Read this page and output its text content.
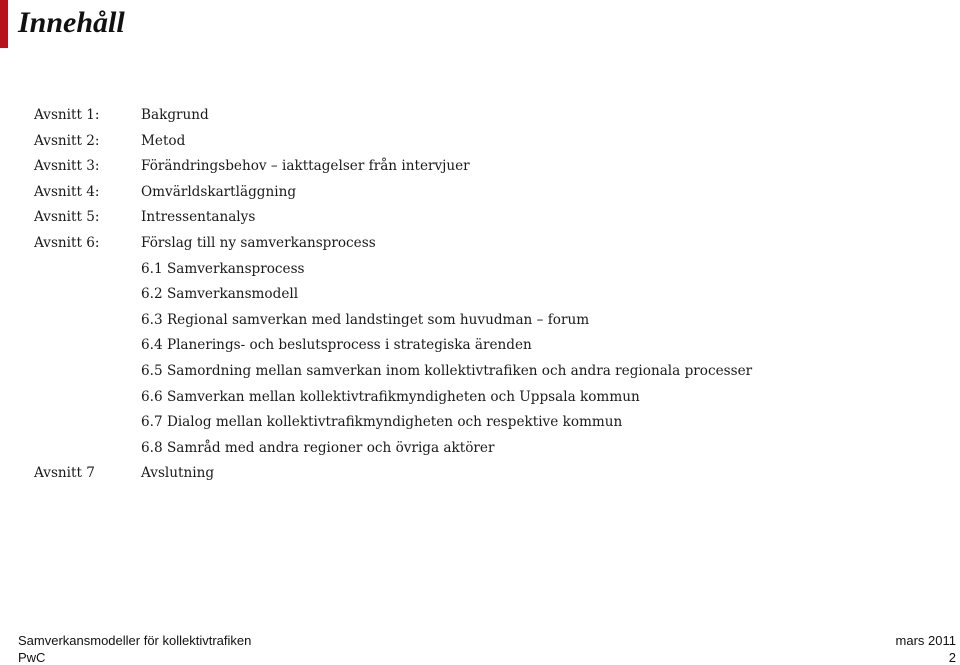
Innehåll
Avsnitt 1:	Bakgrund
Avsnitt 2:	Metod
Avsnitt 3:	Förändringsbehov – iakttagelser från intervjuer
Avsnitt 4:	Omvärldskartläggning
Avsnitt 5:	Intressentanalys
Avsnitt 6:	Förslag till ny samverkansprocess
6.1 Samverkansprocess
6.2 Samverkansmodell
6.3 Regional samverkan med landstinget som huvudman – forum
6.4 Planerings- och beslutsprocess i strategiska ärenden
6.5 Samordning mellan samverkan inom kollektivtrafiken och andra regionala processer
6.6 Samverkan mellan kollektivtrafikmyndigheten och Uppsala kommun
6.7 Dialog mellan kollektivtrafikmyndigheten och respektive kommun
6.8 Samråd med andra regioner och övriga aktörer
Avsnitt 7	Avslutning
Samverkansmodeller för kollektivtrafiken	mars 2011
PwC	2
